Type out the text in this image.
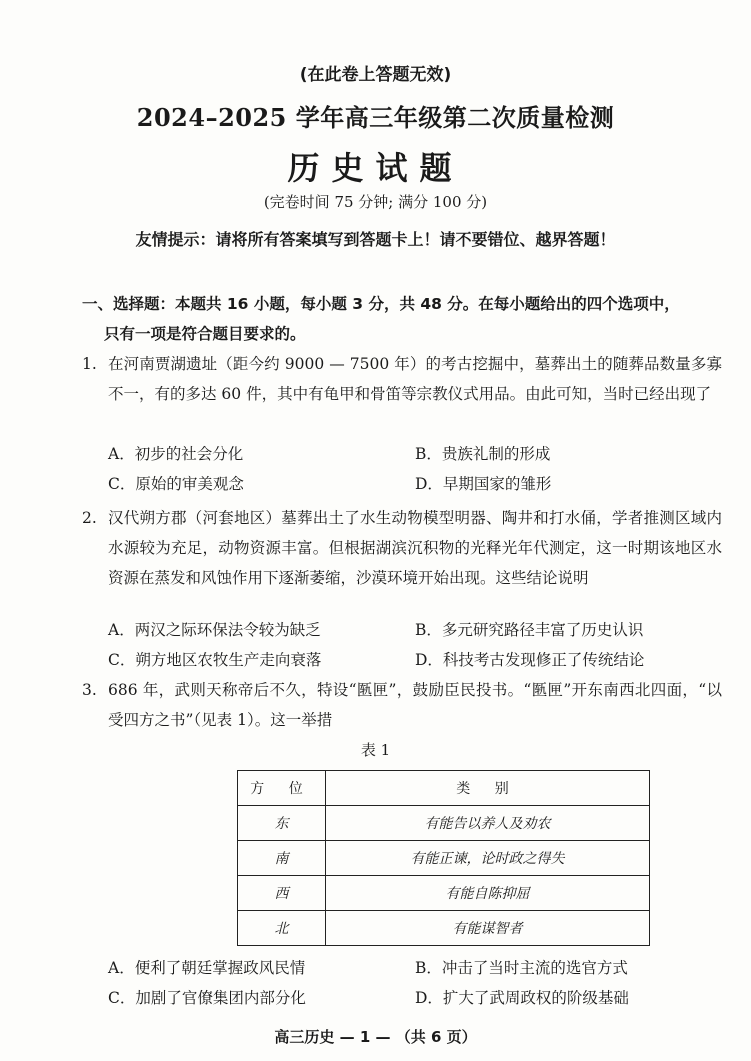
(在此卷上答题无效)
2024–2025 学年高三年级第二次质量检测
历史试题
(完卷时间 75 分钟; 满分 100 分)
友情提示：请将所有答案填写到答题卡上！请不要错位、越界答题！
一、选择题：本题共 16 小题，每小题 3 分，共 48 分。在每小题给出的四个选项中，
只有一项是符合题目要求的。
1. 在河南贾湖遗址（距今约 9000 — 7500 年）的考古挖掘中，墓葬出土的随葬品数量多寡不一，有的多达 60 件，其中有龟甲和骨笛等宗教仪式用品。由此可知，当时已经出现了
A．初步的社会分化	B．贵族礼制的形成
C．原始的审美观念	D．早期国家的雏形
2. 汉代朔方郡（河套地区）墓葬出土了水生动物模型明器、陶井和打水俑，学者推测区域内水源较为充足，动物资源丰富。但根据湖滨沉积物的光释光年代测定，这一时期该地区水资源在蒸发和风蚀作用下逐渐萎缩，沙漠环境开始出现。这些结论说明
A．两汉之际环保法令较为缺乏	B．多元研究路径丰富了历史认识
C．朔方地区农牧生产走向衰落	D．科技考古发现修正了传统结论
3. 686 年，武则天称帝后不久，特设“匦匣”，鼓励臣民投书。“匦匣”开东南西北四面，“以受四方之书”（见表 1）。这一举措
表 1
方 位	类 别
东	有能告以养人及劝农
南	有能正谏，论时政之得失
西	有能自陈抑屈
北	有能谋智者
A．便利了朝廷掌握政风民情	B．冲击了当时主流的选官方式
C．加剧了官僚集团内部分化	D．扩大了武周政权的阶级基础
高三历史 — 1 — （共 6 页）
